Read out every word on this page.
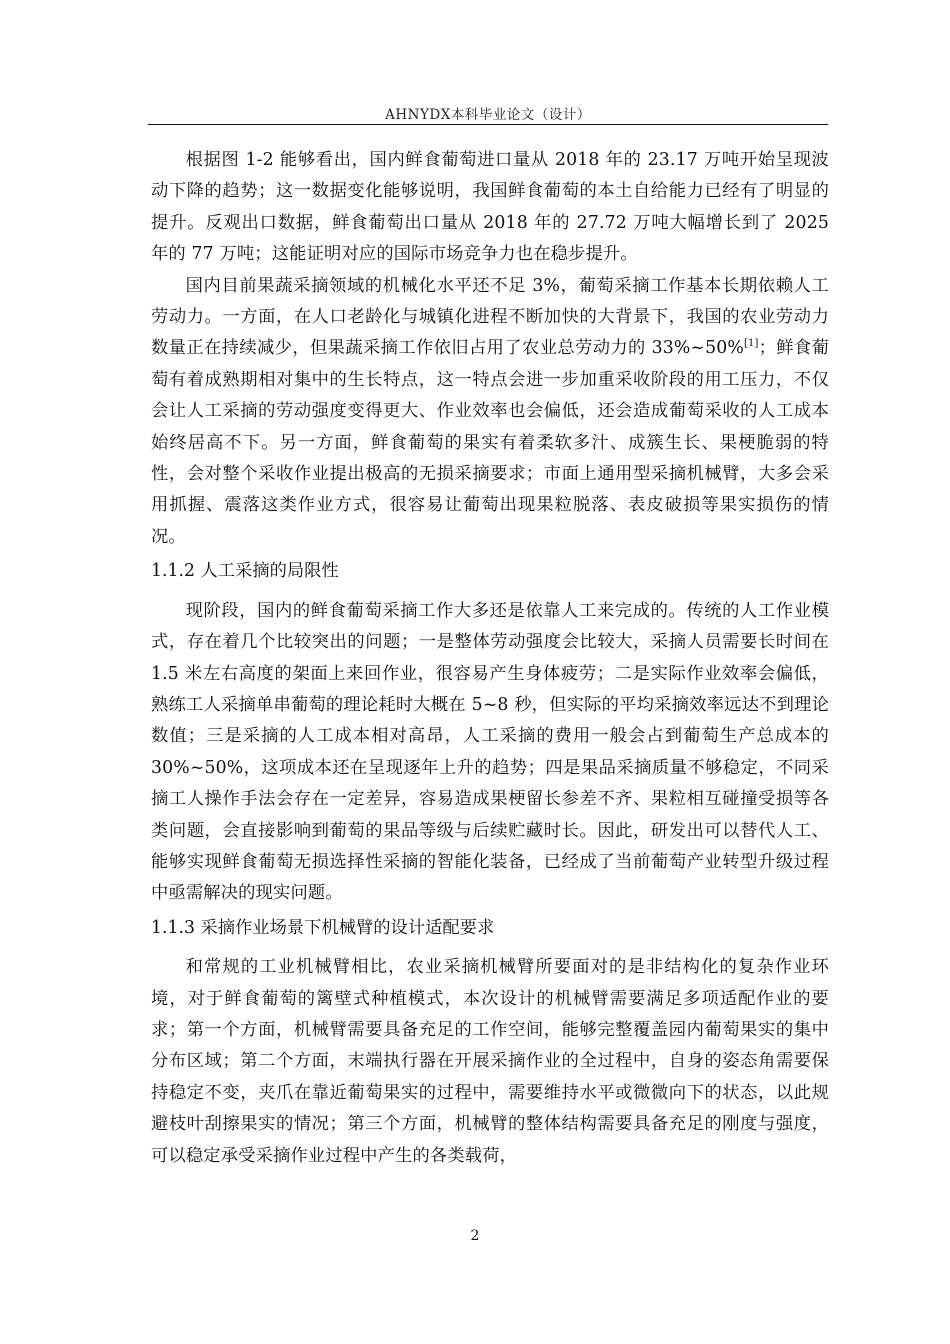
AHNYDX本科毕业论文（设计）

根据图 1-2 能够看出，国内鲜食葡萄进口量从 2018 年的 23.17 万吨开始呈现波动下降的趋势；这一数据变化能够说明，我国鲜食葡萄的本土自给能力已经有了明显的提升。反观出口数据，鲜食葡萄出口量从 2018 年的 27.72 万吨大幅增长到了 2025 年的 77 万吨；这能证明对应的国际市场竞争力也在稳步提升。

国内目前果蔬采摘领域的机械化水平还不足 3%，葡萄采摘工作基本长期依赖人工劳动力。一方面，在人口老龄化与城镇化进程不断加快的大背景下，我国的农业劳动力数量正在持续减少，但果蔬采摘工作依旧占用了农业总劳动力的 33%~50%[1]；鲜食葡萄有着成熟期相对集中的生长特点，这一特点会进一步加重采收阶段的用工压力，不仅会让人工采摘的劳动强度变得更大、作业效率也会偏低，还会造成葡萄采收的人工成本始终居高不下。另一方面，鲜食葡萄的果实有着柔软多汁、成簇生长、果梗脆弱的特性，会对整个采收作业提出极高的无损采摘要求；市面上通用型采摘机械臂，大多会采用抓握、震落这类作业方式，很容易让葡萄出现果粒脱落、表皮破损等果实损伤的情况。

1.1.2 人工采摘的局限性

现阶段，国内的鲜食葡萄采摘工作大多还是依靠人工来完成的。传统的人工作业模式，存在着几个比较突出的问题；一是整体劳动强度会比较大，采摘人员需要长时间在 1.5 米左右高度的架面上来回作业，很容易产生身体疲劳；二是实际作业效率会偏低，熟练工人采摘单串葡萄的理论耗时大概在 5~8 秒，但实际的平均采摘效率远达不到理论数值；三是采摘的人工成本相对高昂，人工采摘的费用一般会占到葡萄生产总成本的 30%~50%，这项成本还在呈现逐年上升的趋势；四是果品采摘质量不够稳定，不同采摘工人操作手法会存在一定差异，容易造成果梗留长参差不齐、果粒相互碰撞受损等各类问题，会直接影响到葡萄的果品等级与后续贮藏时长。因此，研发出可以替代人工、能够实现鲜食葡萄无损选择性采摘的智能化装备，已经成了当前葡萄产业转型升级过程中亟需解决的现实问题。

1.1.3 采摘作业场景下机械臂的设计适配要求

和常规的工业机械臂相比，农业采摘机械臂所要面对的是非结构化的复杂作业环境，对于鲜食葡萄的篱壁式种植模式，本次设计的机械臂需要满足多项适配作业的要求；第一个方面，机械臂需要具备充足的工作空间，能够完整覆盖园内葡萄果实的集中分布区域；第二个方面，末端执行器在开展采摘作业的全过程中，自身的姿态角需要保持稳定不变，夹爪在靠近葡萄果实的过程中，需要维持水平或微微向下的状态，以此规避枝叶刮擦果实的情况；第三个方面，机械臂的整体结构需要具备充足的刚度与强度，可以稳定承受采摘作业过程中产生的各类载荷，

2
